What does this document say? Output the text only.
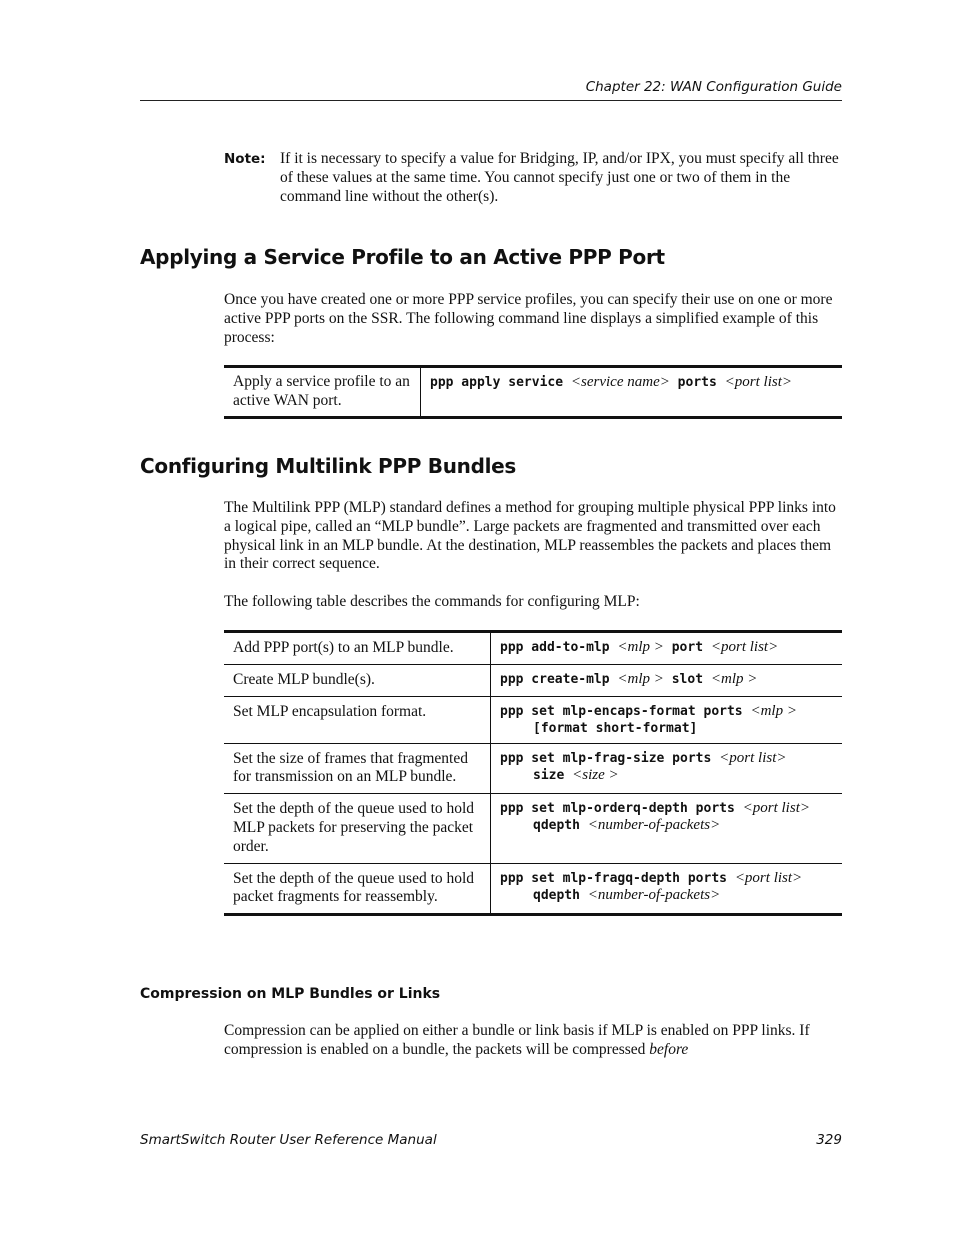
Chapter 22: WAN Configuration Guide
Note: If it is necessary to specify a value for Bridging, IP, and/or IPX, you must specify all three of these values at the same time. You cannot specify just one or two of them in the command line without the other(s).
Applying a Service Profile to an Active PPP Port

Once you have created one or more PPP service profiles, you can specify their use on one or more active PPP ports on the SSR. The following command line displays a simplified example of this process:

Apply a service profile to an active WAN port.	ppp apply service <service name> ports <port list>
Configuring Multilink PPP Bundles

The Multilink PPP (MLP) standard defines a method for grouping multiple physical PPP links into a logical pipe, called an “MLP bundle”. Large packets are fragmented and transmitted over each physical link in an MLP bundle. At the destination, MLP reassembles the packets and places them in their correct sequence.

The following table describes the commands for configuring MLP:

Add PPP port(s) to an MLP bundle.	ppp add-to-mlp <mlp > port <port list>
Create MLP bundle(s).	ppp create-mlp <mlp > slot <mlp >
Set MLP encapsulation format.	ppp set mlp-encaps-format ports <mlp >
[format short-format]

Set the size of frames that fragmented for transmission on an MLP bundle.	ppp set mlp-frag-size ports <port list>
size <size >

Set the depth of the queue used to hold MLP packets for preserving the packet order.	ppp set mlp-orderq-depth ports <port list>
qdepth <number-of-packets>

Set the depth of the queue used to hold packet fragments for reassembly.	ppp set mlp-fragq-depth ports <port list>
qdepth <number-of-packets>
Compression on MLP Bundles or Links

Compression can be applied on either a bundle or link basis if MLP is enabled on PPP links. If compression is enabled on a bundle, the packets will be compressed before

SmartSwitch Router User Reference Manual	329
